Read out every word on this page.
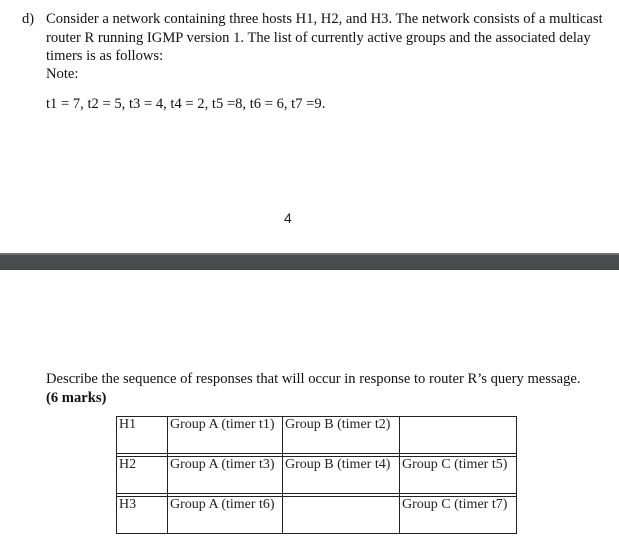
d) Consider a network containing three hosts H1, H2, and H3. The network consists of a multicast router R running IGMP version 1. The list of currently active groups and the associated delay timers is as follows:
Note:
t1 = 7, t2 = 5, t3 = 4, t4 = 2, t5 =8, t6 = 6, t7 =9.
4
Describe the sequence of responses that will occur in response to router R’s query message.
(6 marks)
H1	Group A (timer t1)	Group B (timer t2)	

H2	Group A (timer t3)	Group B (timer t4)	Group C (timer t5)

H3	Group A (timer t6)		Group C (timer t7)
